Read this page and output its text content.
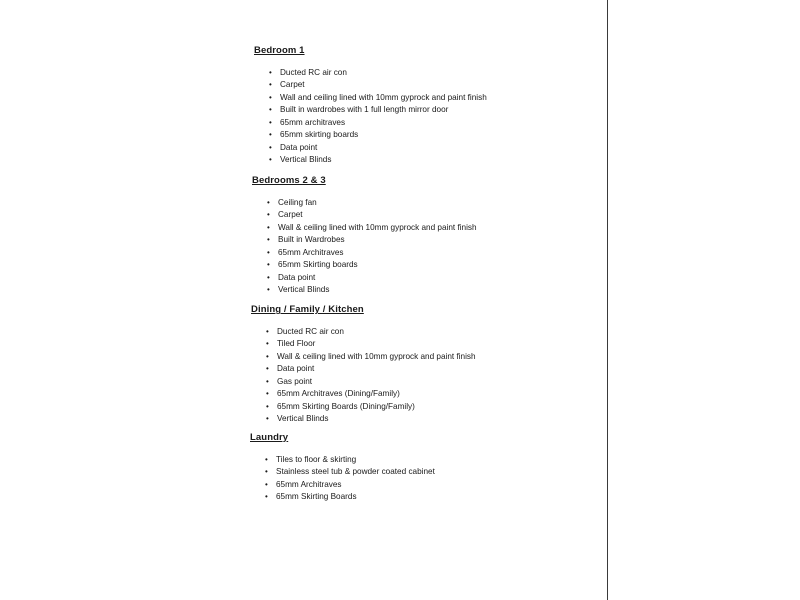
Bedroom 1
• Ducted RC air con
• Carpet
• Wall and ceiling lined with 10mm gyprock and paint finish
• Built in wardrobes with 1 full length mirror door
• 65mm architraves
• 65mm skirting boards
• Data point
• Vertical Blinds
Bedrooms 2 & 3
• Ceiling fan
• Carpet
• Wall & ceiling lined with 10mm gyprock and paint finish
• Built in Wardrobes
• 65mm Architraves
• 65mm Skirting boards
• Data point
• Vertical Blinds
Dining / Family / Kitchen
• Ducted RC air con
• Tiled Floor
• Wall & ceiling lined with 10mm gyprock and paint finish
• Data point
• Gas point
• 65mm Architraves (Dining/Family)
• 65mm Skirting Boards (Dining/Family)
• Vertical Blinds
Laundry
• Tiles to floor & skirting
• Stainless steel tub & powder coated cabinet
• 65mm Architraves
• 65mm Skirting Boards
